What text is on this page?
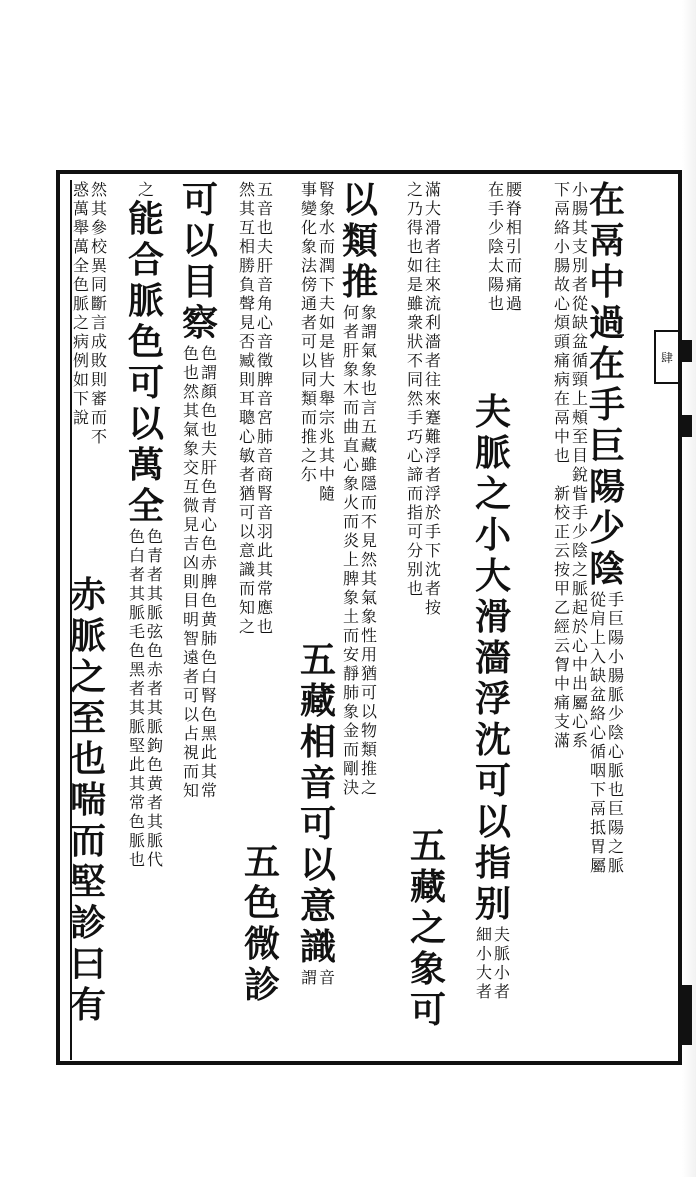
在
鬲
中
過
在
手
巨
陽
少
陰
手
巨
陽
小
腸
脈
少
陰
心
脈
也
巨
陽
之
脈
從
肩
上
入
缺
盆
絡
心
循
咽
下
鬲
抵
胃
屬
小
腸
其
支
別
者
從
缺
盆
循
頸
上
頰
至
目
銳
眥
手
少
陰
之
脈
起
於
心
中
出
屬
心
系
下
鬲
絡
小
腸
故
心
煩
頭
痛
病
在
鬲
中
也

新
校
正
云
按
甲
乙
經
云
胷
中
痛
支
滿
腰
脊
相
引
而
痛
過
在
手
少
陰
太
陽
也
夫
脈
之
小
大
滑
濇
浮
沈
可
以
指
别
夫
脈
小
者
細
小
大
者
滿
大
滑
者
往
來
流
利
濇
者
往
來
蹇
難
浮
者
浮
於
手
下
沈
者
按
之
乃
得
也
如
是
雖
衆
狀
不
同
然
手
巧
心
諦
而
指
可
分
别
也
五
藏
之
象
可
以
類
推
象
謂
氣
象
也
言
五
藏
雖
隱
而
不
見
然
其
氣
象
性
用
猶
可
以
物
類
推
之
何
者
肝
象
木
而
曲
直
心
象
火
而
炎
上
脾
象
土
而
安
靜
肺
象
金
而
剛
決
腎
象
水
而
潤
下
夫
如
是
皆
大
舉
宗
兆
其
中
隨
事
變
化
象
法
傍
通
者
可
以
同
類
而
推
之
尓
五
藏
相
音
可
以
意
識
音
謂
五
音
也
夫
肝
音
角
心
音
徵
脾
音
宮
肺
音
商
腎
音
羽
此
其
常
應
也
然
其
互
相
勝
負
聲
見
否
臧
則
耳
聰
心
敏
者
猶
可
以
意
識
而
知
之
五
色
微
診
可
以
目
察
色
謂
顏
色
也
夫
肝
色
青
心
色
赤
脾
色
黄
肺
色
白
腎
色
黑
此
其
常
色
也
然
其
氣
象
交
互
微
見
吉
凶
則
目
明
智
遠
者
可
以
占
視
而
知
之
能
合
脈
色
可
以
萬
全
色
青
者
其
脈
弦
色
赤
者
其
脈
鉤
色
黄
者
其
脈
代
色
白
者
其
脈
毛
色
黑
者
其
脈
堅
此
其
常
色
脈
也
然
其
參
校
異
同
斷
言
成
敗
則
審
而
不
惑
萬
舉
萬
全
色
脈
之
病
例
如
下
說
赤
脈
之
至
也
喘
而
堅
診
曰
有
肆
